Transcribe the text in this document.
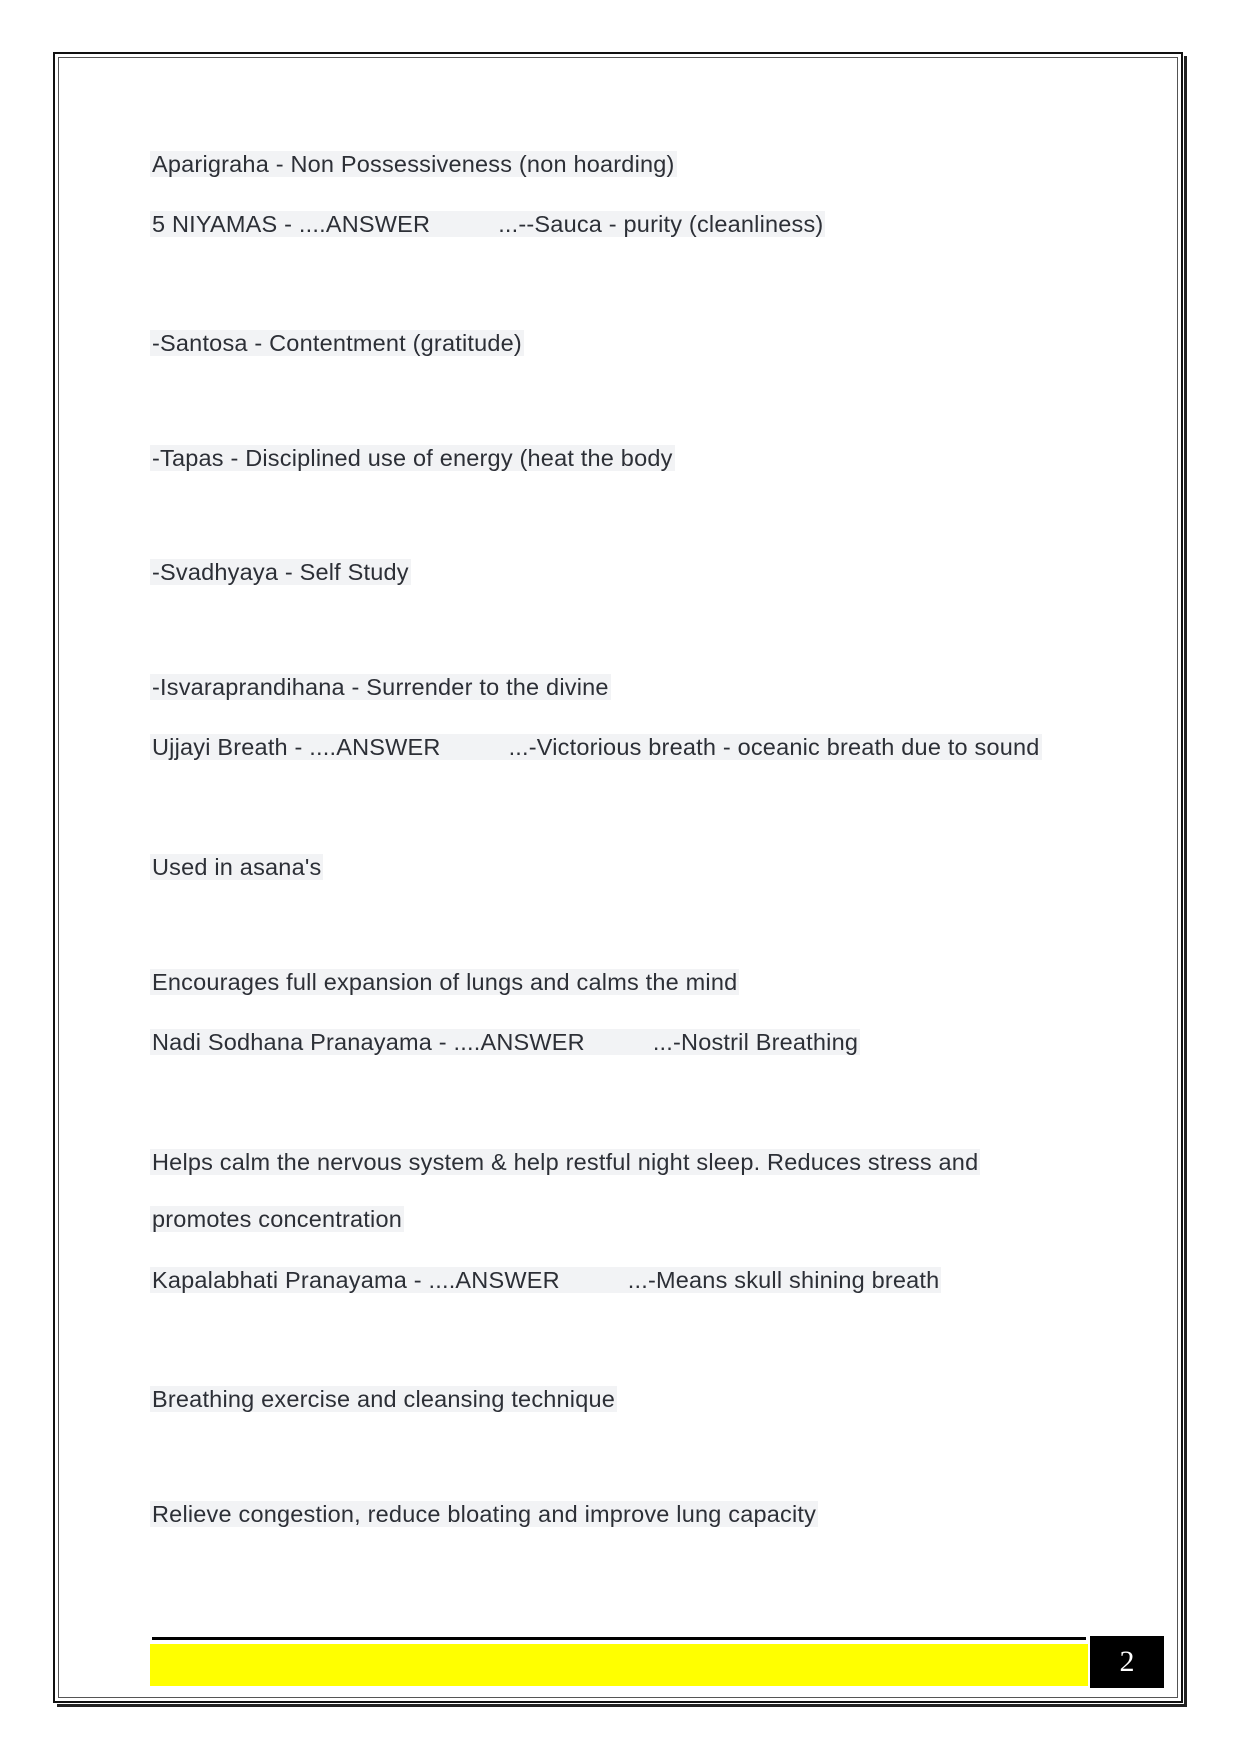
Aparigraha - Non Possessiveness (non hoarding)
5 NIYAMAS - ....ANSWER	...--Sauca - purity (cleanliness)
-Santosa - Contentment (gratitude)
-Tapas - Disciplined use of energy (heat the body
-Svadhyaya - Self Study
-Isvaraprandihana - Surrender to the divine
Ujjayi Breath - ....ANSWER	...-Victorious breath - oceanic breath due to sound
Used in asana's
Encourages full expansion of lungs and calms the mind
Nadi Sodhana Pranayama - ....ANSWER	...-Nostril Breathing
Helps calm the nervous system & help restful night sleep. Reduces stress and
promotes concentration
Kapalabhati Pranayama - ....ANSWER	...-Means skull shining breath
Breathing exercise and cleansing technique
Relieve congestion, reduce bloating and improve lung capacity
2
